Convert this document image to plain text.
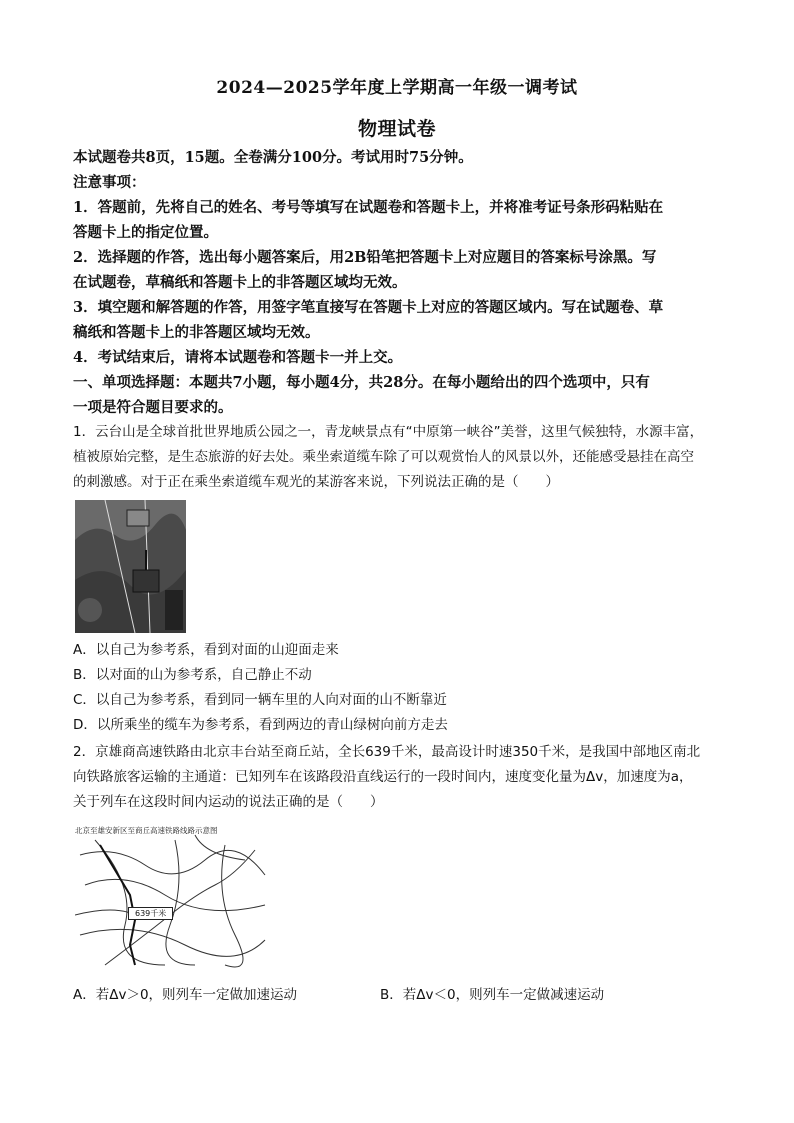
2024—2025学年度上学期高一年级一调考试
物理试卷
本试题卷共8页，15题。全卷满分100分。考试用时75分钟。
注意事项：
1．答题前，先将自己的姓名、考号等填写在试题卷和答题卡上，并将准考证号条形码粘贴在
答题卡上的指定位置。
2．选择题的作答，选出每小题答案后，用2B铅笔把答题卡上对应题目的答案标号涂黑。写
在试题卷，草稿纸和答题卡上的非答题区域均无效。
3．填空题和解答题的作答，用签字笔直接写在答题卡上对应的答题区域内。写在试题卷、草
稿纸和答题卡上的非答题区域均无效。
4．考试结束后，请将本试题卷和答题卡一并上交。
一、单项选择题：本题共7小题，每小题4分，共28分。在每小题给出的四个选项中，只有
一项是符合题目要求的。
1．云台山是全球首批世界地质公园之一，青龙峡景点有“中原第一峡谷”美誉，这里气候独特，水源丰富，
植被原始完整，是生态旅游的好去处。乘坐索道缆车除了可以观赏怡人的风景以外，还能感受悬挂在高空
的刺激感。对于正在乘坐索道缆车观光的某游客来说，下列说法正确的是（　　）
A．以自己为参考系，看到对面的山迎面走来
B．以对面的山为参考系，自己静止不动
C．以自己为参考系，看到同一辆车里的人向对面的山不断靠近
D．以所乘坐的缆车为参考系，看到两边的青山绿树向前方走去
2．京雄商高速铁路由北京丰台站至商丘站，全长639千米，最高设计时速350千米，是我国中部地区南北
向铁路旅客运输的主通道：已知列车在该路段沿直线运行的一段时间内，速度变化量为Δv，加速度为a，
关于列车在这段时间内运动的说法正确的是（　　）
北京至雄安新区至商丘高速铁路线路示意图
639千米
A．若Δv＞0，则列车一定做加速运动	B．若Δv＜0，则列车一定做减速运动
